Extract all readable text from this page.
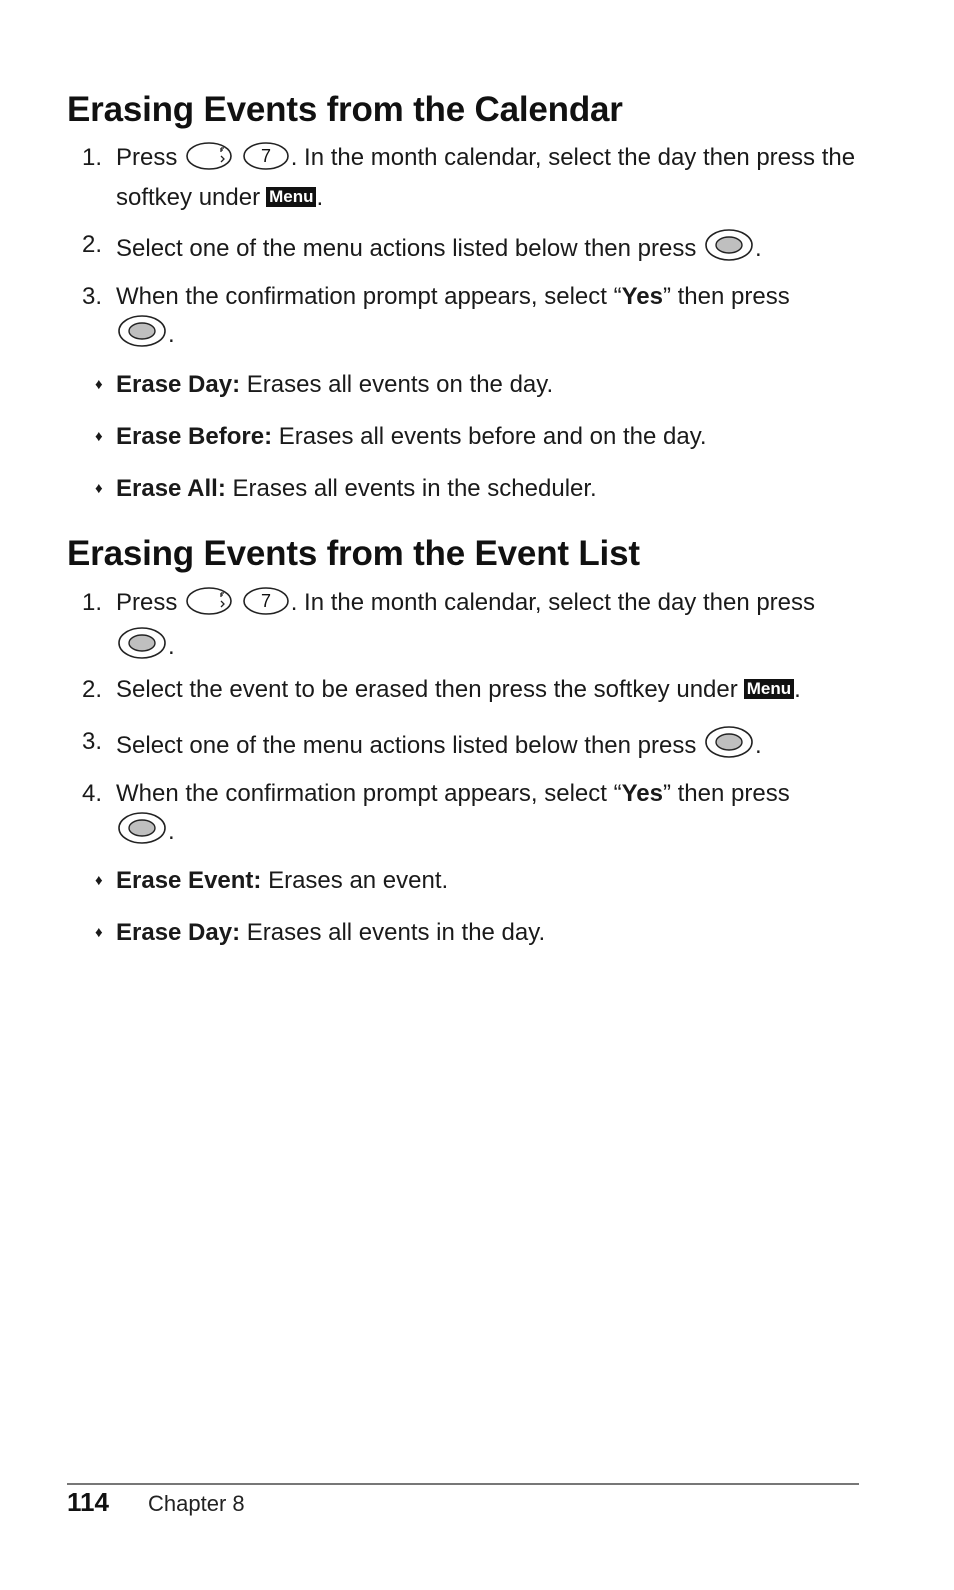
Erasing Events from the Calendar
1. Press	7 . In the month calendar, select the day then press the softkey under Menu .
2. Select one of the menu actions listed below then press .
3. When the confirmation prompt appears, select “Yes” then press
.
♦ Erase Day: Erases all events on the day.
♦ Erase Before: Erases all events before and on the day.
♦ Erase All: Erases all events in the scheduler.
Erasing Events from the Event List
1. Press	7 . In the month calendar, select the day then press
.
2. Select the event to be erased then press the softkey under Menu .
3. Select one of the menu actions listed below then press .
4. When the confirmation prompt appears, select “Yes” then press
.
♦ Erase Event: Erases an event.
♦ Erase Day: Erases all events in the day.
114 Chapter 8
